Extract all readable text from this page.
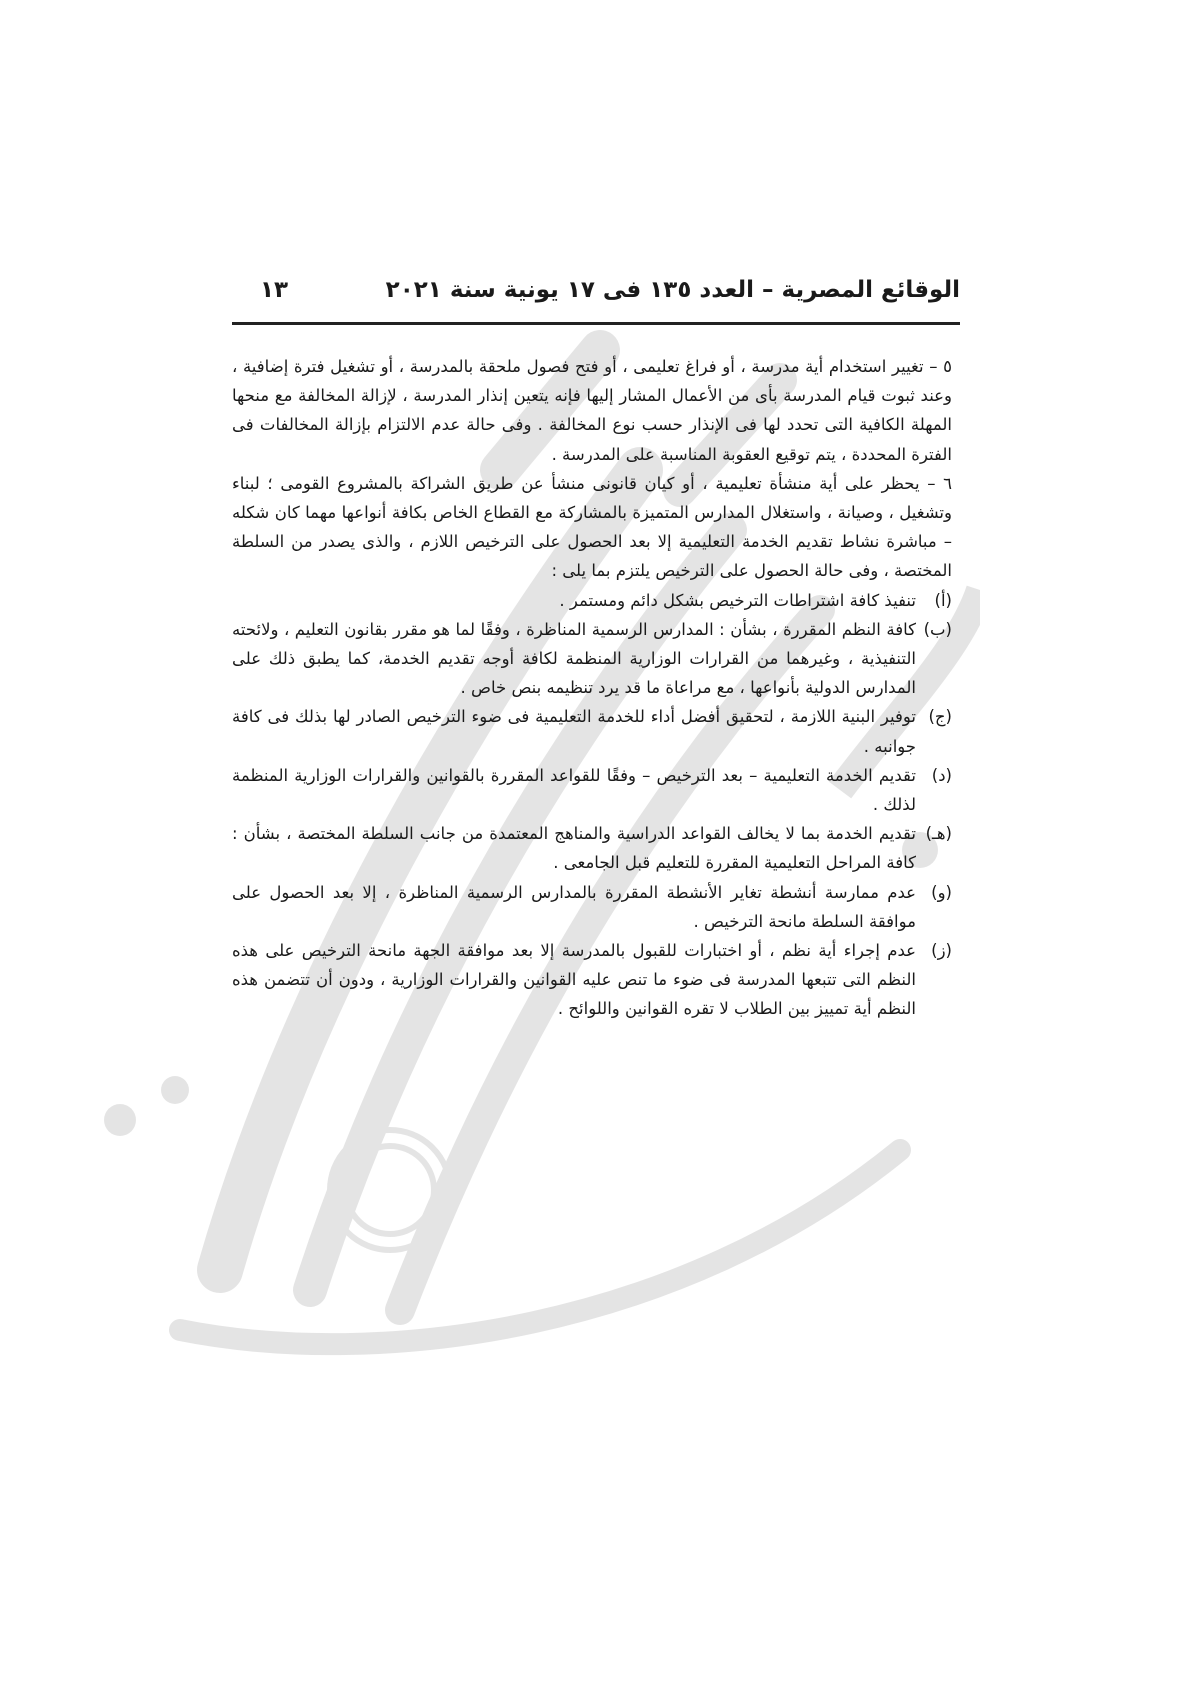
الوقائع المصرية – العدد ١٣٥ فى ١٧ يونية سنة ٢٠٢١
١٣

٥ – تغيير استخدام أية مدرسة ، أو فراغ تعليمى ، أو فتح فصول ملحقة بالمدرسة ، أو تشغيل فترة إضافية ، وعند ثبوت قيام المدرسة بأى من الأعمال المشار إليها فإنه يتعين إنذار المدرسة ، لإزالة المخالفة مع منحها المهلة الكافية التى تحدد لها فى الإنذار حسب نوع المخالفة . وفى حالة عدم الالتزام بإزالة المخالفات فى الفترة المحددة ، يتم توقيع العقوبة المناسبة على المدرسة .

٦ – يحظر على أية منشأة تعليمية ، أو كيان قانونى منشأ عن طريق الشراكة بالمشروع القومى ؛ لبناء وتشغيل ، وصيانة ، واستغلال المدارس المتميزة بالمشاركة مع القطاع الخاص بكافة أنواعها مهما كان شكله – مباشرة نشاط تقديم الخدمة التعليمية إلا بعد الحصول على الترخيص اللازم ، والذى يصدر من السلطة المختصة ، وفى حالة الحصول على الترخيص يلتزم بما يلى :

(أ)
تنفيذ كافة اشتراطات الترخيص بشكل دائم ومستمر .
(ب)
كافة النظم المقررة ، بشأن : المدارس الرسمية المناظرة ، وفقًا لما هو مقرر بقانون التعليم ، ولائحته التنفيذية ، وغيرهما من القرارات الوزارية المنظمة لكافة أوجه تقديم الخدمة، كما يطبق ذلك على المدارس الدولية بأنواعها ، مع مراعاة ما قد يرد تنظيمه بنص خاص .
(ج)
توفير البنية اللازمة ، لتحقيق أفضل أداء للخدمة التعليمية فى ضوء الترخيص الصادر لها بذلك فى كافة جوانبه .
(د)
تقديم الخدمة التعليمية – بعد الترخيص – وفقًا للقواعد المقررة بالقوانين والقرارات الوزارية المنظمة لذلك .
(هـ)
تقديم الخدمة بما لا يخالف القواعد الدراسية والمناهج المعتمدة من جانب السلطة المختصة ، بشأن : كافة المراحل التعليمية المقررة للتعليم قبل الجامعى .
(و)
عدم ممارسة أنشطة تغاير الأنشطة المقررة بالمدارس الرسمية المناظرة ، إلا بعد الحصول على موافقة السلطة مانحة الترخيص .
(ز)
عدم إجراء أية نظم ، أو اختبارات للقبول بالمدرسة إلا بعد موافقة الجهة مانحة الترخيص على هذه النظم التى تتبعها المدرسة فى ضوء ما تنص عليه القوانين والقرارات الوزارية ، ودون أن تتضمن هذه النظم أية تمييز بين الطلاب لا تقره القوانين واللوائح .
